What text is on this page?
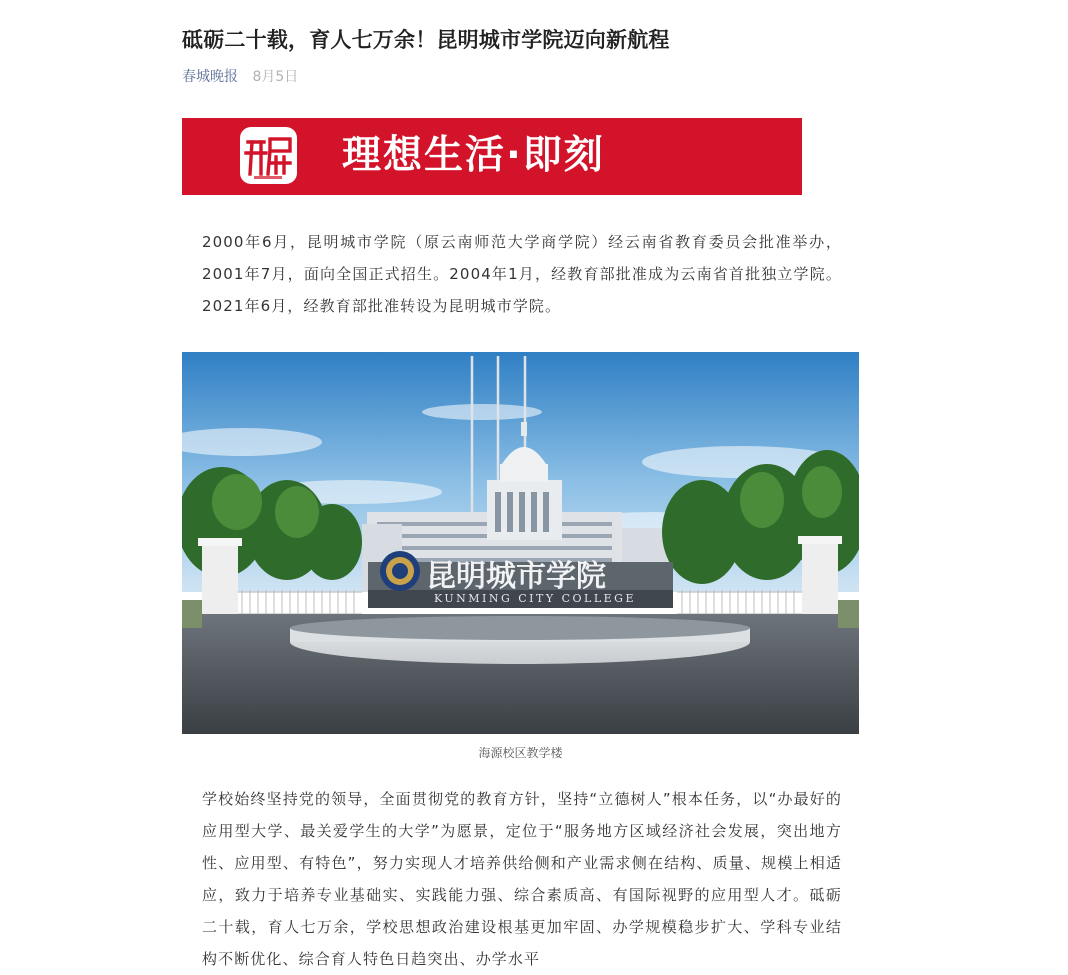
砥砺二十载，育人七万余！昆明城市学院迈向新航程
春城晚报 8月5日
理想生活·即刻
2000年6月，昆明城市学院（原云南师范大学商学院）经云南省教育委员会批准举办，2001年7月，面向全国正式招生。2004年1月，经教育部批准成为云南省首批独立学院。2021年6月，经教育部批准转设为昆明城市学院。
昆明城市学院
KUNMING CITY COLLEGE
海源校区教学楼
学校始终坚持党的领导，全面贯彻党的教育方针，坚持“立德树人”根本任务，以“办最好的应用型大学、最关爱学生的大学”为愿景，定位于“服务地方区域经济社会发展，突出地方性、应用型、有特色”，努力实现人才培养供给侧和产业需求侧在结构、质量、规模上相适应，致力于培养专业基础实、实践能力强、综合素质高、有国际视野的应用型人才。砥砺二十载，育人七万余，学校思想政治建设根基更加牢固、办学规模稳步扩大、学科专业结构不断优化、综合育人特色日趋突出、办学水平
